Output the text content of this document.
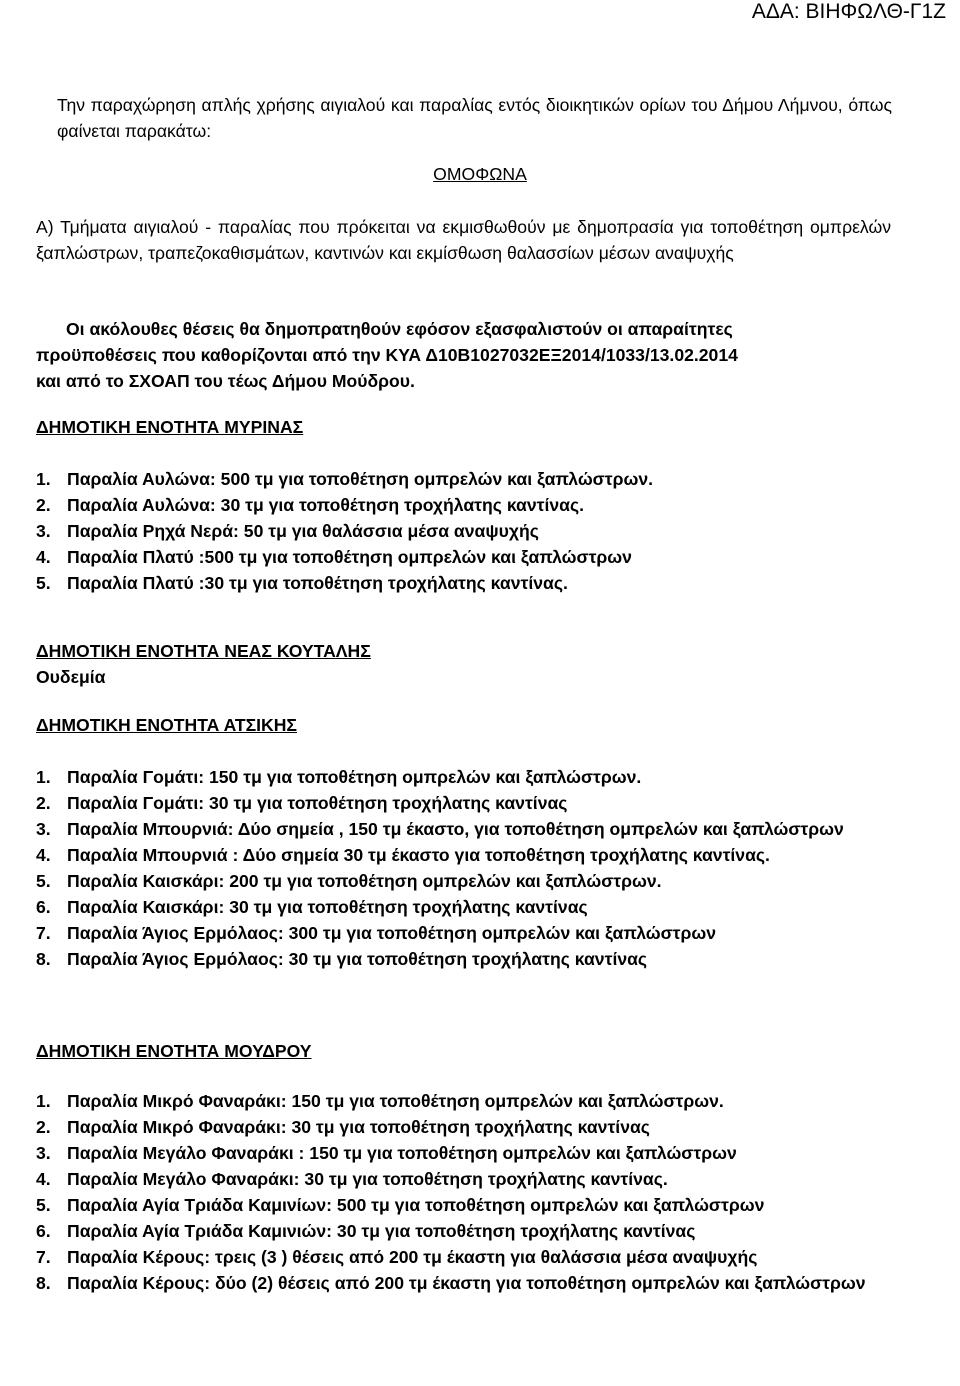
ΑΔΑ: ΒΙΗΦΩΛΘ-Γ1Ζ
Την παραχώρηση απλής χρήσης αιγιαλού και παραλίας εντός διοικητικών ορίων του Δήμου Λήμνου, όπως φαίνεται παρακάτω:
ΟΜΟΦΩΝΑ
Α) Τμήματα αιγιαλού - παραλίας που πρόκειται να εκμισθωθούν με δημοπρασία για τοποθέτηση ομπρελών ξαπλώστρων, τραπεζοκαθισμάτων, καντινών και εκμίσθωση θαλασσίων μέσων αναψυχής
Οι ακόλουθες θέσεις θα δημοπρατηθούν εφόσον εξασφαλιστούν οι απαραίτητες
προϋποθέσεις που καθορίζονται από την ΚΥΑ Δ10Β1027032ΕΞ2014/1033/13.02.2014
και από το ΣΧΟΑΠ του τέως Δήμου Μούδρου.
ΔΗΜΟΤΙΚΗ ΕΝΟΤΗΤΑ ΜΥΡΙΝΑΣ
1. Παραλία Αυλώνα: 500 τμ για τοποθέτηση ομπρελών και ξαπλώστρων.
2. Παραλία Αυλώνα: 30 τμ για τοποθέτηση τροχήλατης καντίνας.
3. Παραλία Ρηχά Νερά: 50 τμ για θαλάσσια μέσα αναψυχής
4. Παραλία Πλατύ :500 τμ για τοποθέτηση ομπρελών και ξαπλώστρων
5. Παραλία Πλατύ :30 τμ για τοποθέτηση τροχήλατης καντίνας.
ΔΗΜΟΤΙΚΗ ΕΝΟΤΗΤΑ ΝΕΑΣ ΚΟΥΤΑΛΗΣ
Ουδεμία
ΔΗΜΟΤΙΚΗ ΕΝΟΤΗΤΑ ΑΤΣΙΚΗΣ
1. Παραλία Γομάτι: 150 τμ για τοποθέτηση ομπρελών και ξαπλώστρων.
2. Παραλία Γομάτι: 30 τμ για τοποθέτηση τροχήλατης καντίνας
3. Παραλία Μπουρνιά: Δύο σημεία , 150 τμ έκαστο, για τοποθέτηση ομπρελών και ξαπλώστρων
4. Παραλία Μπουρνιά : Δύο σημεία 30 τμ έκαστο για τοποθέτηση τροχήλατης καντίνας.
5. Παραλία Καισκάρι: 200 τμ για τοποθέτηση ομπρελών και ξαπλώστρων.
6. Παραλία Καισκάρι: 30 τμ για τοποθέτηση τροχήλατης καντίνας
7. Παραλία Άγιος Ερμόλαος: 300 τμ για τοποθέτηση ομπρελών και ξαπλώστρων
8. Παραλία Άγιος Ερμόλαος: 30 τμ για τοποθέτηση τροχήλατης καντίνας
ΔΗΜΟΤΙΚΗ ΕΝΟΤΗΤΑ ΜΟΥΔΡΟΥ
1. Παραλία Μικρό Φαναράκι: 150 τμ για τοποθέτηση ομπρελών και ξαπλώστρων.
2. Παραλία Μικρό Φαναράκι: 30 τμ για τοποθέτηση τροχήλατης καντίνας
3. Παραλία Μεγάλο Φαναράκι : 150 τμ για τοποθέτηση ομπρελών και ξαπλώστρων
4. Παραλία Μεγάλο Φαναράκι: 30 τμ για τοποθέτηση τροχήλατης καντίνας.
5. Παραλία Αγία Τριάδα Καμινίων: 500 τμ για τοποθέτηση ομπρελών και ξαπλώστρων
6. Παραλία Αγία Τριάδα Καμινιών: 30 τμ για τοποθέτηση τροχήλατης καντίνας
7. Παραλία Κέρους: τρεις (3 ) θέσεις από 200 τμ έκαστη για θαλάσσια μέσα αναψυχής
8. Παραλία Κέρους: δύο (2) θέσεις από 200 τμ έκαστη για τοποθέτηση ομπρελών και ξαπλώστρων
